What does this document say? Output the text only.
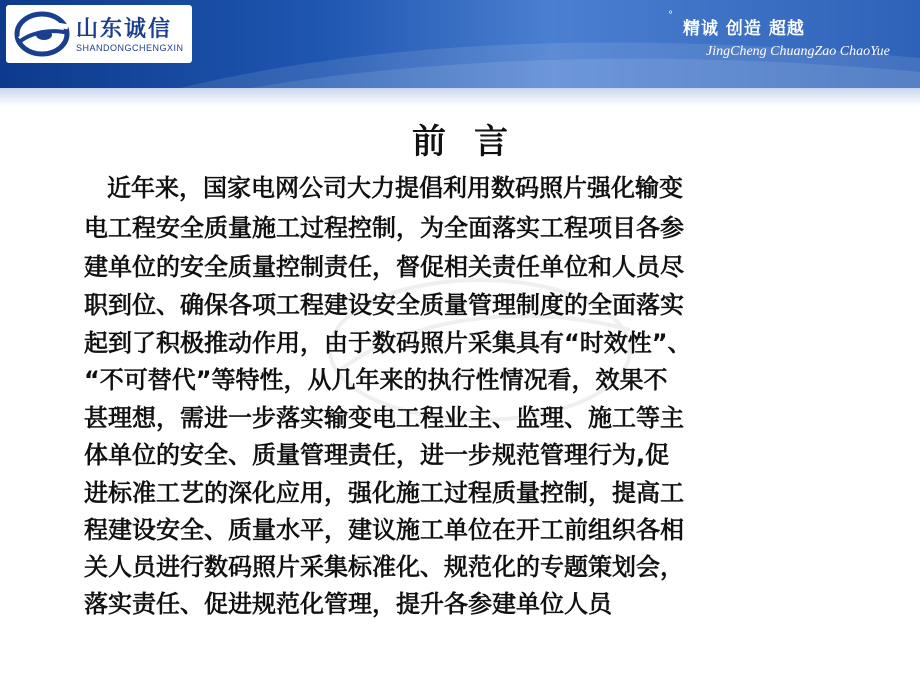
山东诚信
SHANDONGCHENGXIN
°
精诚 创造 超越
JingCheng ChuangZao ChaoYue
前言
近年来，国家电网公司大力提倡利用数码照片强化输变
电工程安全质量施工过程控制，为全面落实工程项目各参
建单位的安全质量控制责任，督促相关责任单位和人员尽
职到位、确保各项工程建设安全质量管理制度的全面落实
起到了积极推动作用，由于数码照片采集具有“时效性”、
“不可替代”等特性，从几年来的执行性情况看，效果不
甚理想，需进一步落实输变电工程业主、监理、施工等主
体单位的安全、质量管理责任，进一步规范管理行为,促
进标准工艺的深化应用，强化施工过程质量控制，提高工
程建设安全、质量水平，建议施工单位在开工前组织各相
关人员进行数码照片采集标准化、规范化的专题策划会，
落实责任、促进规范化管理，提升各参建单位人员
